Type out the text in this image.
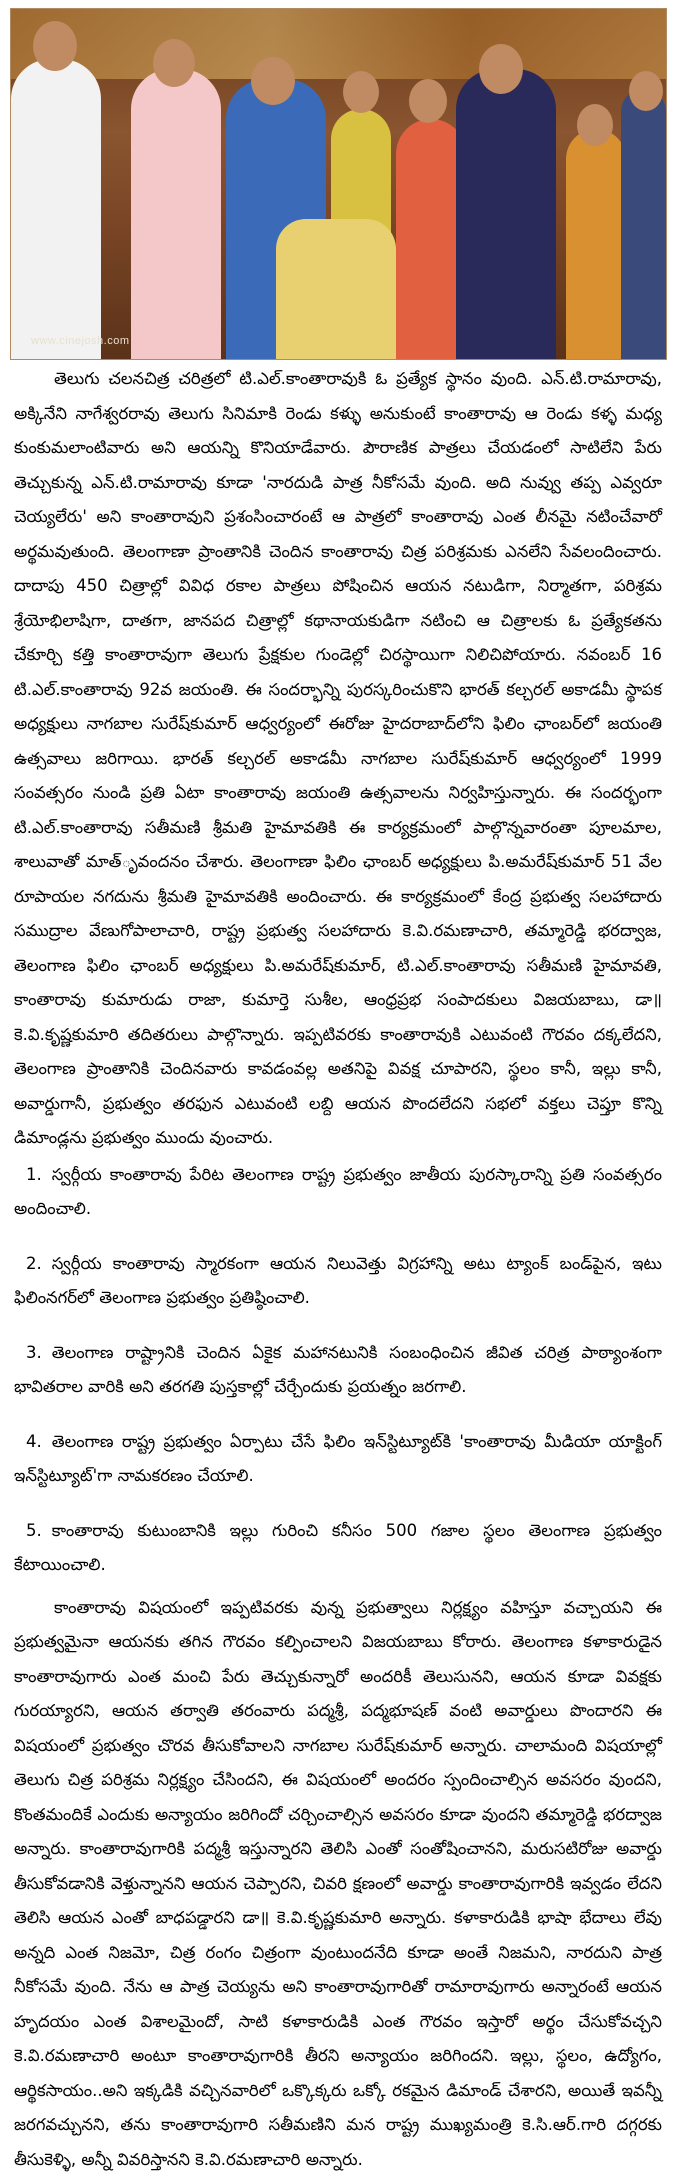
www.cinejosh.com

తెలుగు చలనచిత్ర చరిత్రలో టి.ఎల్.కాంతారావుకి ఓ ప్రత్యేక స్థానం వుంది. ఎన్.టి.రామారావు, అక్కినేని నాగేశ్వరరావు తెలుగు సినిమాకి రెండు కళ్ళు అనుకుంటే కాంతారావు ఆ రెండు కళ్ళ మధ్య కుంకుమలాంటివారు అని ఆయన్ని కొనియాడేవారు. పౌరాణిక పాత్రలు చేయడంలో సాటిలేని పేరు తెచ్చుకున్న ఎన్.టి.రామారావు కూడా 'నారదుడి పాత్ర నీకోసమే వుంది. అది నువ్వు తప్ప ఎవ్వరూ చెయ్యలేరు' అని కాంతారావుని ప్రశంసించారంటే ఆ పాత్రలో కాంతారావు ఎంత లీనమై నటించేవారో అర్థమవుతుంది. తెలంగాణా ప్రాంతానికి చెందిన కాంతారావు చిత్ర పరిశ్రమకు ఎనలేని సేవలందించారు. దాదాపు 450 చిత్రాల్లో వివిధ రకాల పాత్రలు పోషించిన ఆయన నటుడిగా, నిర్మాతగా, పరిశ్రమ శ్రేయోభిలాషిగా, దాతగా, జానపద చిత్రాల్లో కథానాయకుడిగా నటించి ఆ చిత్రాలకు ఓ ప్రత్యేకతను చేకూర్చి కత్తి కాంతారావుగా తెలుగు ప్రేక్షకుల గుండెల్లో చిరస్థాయిగా నిలిచిపోయారు. నవంబర్ 16 టి.ఎల్.కాంతారావు 92వ జయంతి. ఈ సందర్భాన్ని పురస్కరించుకొని భారత్ కల్చరల్ అకాడమీ స్థాపక అధ్యక్షులు నాగబాల సురేష్‌కుమార్ ఆధ్వర్యంలో ఈరోజు హైదరాబాద్‌లోని ఫిలిం ఛాంబర్‌లో జయంతి ఉత్సవాలు జరిగాయి. భారత్ కల్చరల్ అకాడమీ నాగబాల సురేష్‌కుమార్ ఆధ్వర్యంలో 1999 సంవత్సరం నుండి ప్రతి ఏటా కాంతారావు జయంతి ఉత్సవాలను నిర్వహిస్తున్నారు. ఈ సందర్భంగా టి.ఎల్.కాంతారావు సతీమణి శ్రీమతి హైమావతికి ఈ కార్యక్రమంలో పాల్గొన్నవారంతా పూలమాల, శాలువాతో మాత్ృవందనం చేశారు. తెలంగాణా ఫిలిం ఛాంబర్ అధ్యక్షులు పి.అమరేష్‌కుమార్ 51 వేల రూపాయల నగదును శ్రీమతి హైమావతికి అందించారు. ఈ కార్యక్రమంలో కేంద్ర ప్రభుత్వ సలహాదారు సముద్రాల వేణుగోపాలాచారి, రాష్ట్ర ప్రభుత్వ సలహాదారు కె.వి.రమణాచారి, తమ్మారెడ్డి భరద్వాజ, తెలంగాణ ఫిలిం ఛాంబర్ అధ్యక్షులు పి.అమరేష్‌కుమార్, టి.ఎల్.కాంతారావు సతీమణి హైమావతి, కాంతారావు కుమారుడు రాజా, కుమార్తె సుశీల, ఆంధ్రప్రభ సంపాదకులు విజయబాబు, డా॥ కె.వి.కృష్ణకుమారి తదితరులు పాల్గొన్నారు. ఇప్పటివరకు కాంతారావుకి ఎటువంటి గౌరవం దక్కలేదని, తెలంగాణ ప్రాంతానికి చెందినవారు కావడంవల్ల అతనిపై వివక్ష చూపారని, స్థలం కానీ, ఇల్లు కానీ, అవార్డుగానీ, ప్రభుత్వం తరఫున ఎటువంటి లబ్ది ఆయన పొందలేదని సభలో వక్తలు చెప్తూ కొన్ని డిమాండ్లను ప్రభుత్వం ముందు వుంచారు.

1. స్వర్గీయ కాంతారావు పేరిట తెలంగాణ రాష్ట్ర ప్రభుత్వం జాతీయ పురస్కారాన్ని ప్రతి సంవత్సరం అందించాలి.
2. స్వర్గీయ కాంతారావు స్మారకంగా ఆయన నిలువెత్తు విగ్రహాన్ని అటు ట్యాంక్ బండ్‌పైన, ఇటు ఫిలింనగర్‌లో తెలంగాణ ప్రభుత్వం ప్రతిష్ఠించాలి.
3. తెలంగాణ రాష్ట్రానికి చెందిన ఏకైక మహానటునికి సంబంధించిన జీవిత చరిత్ర పాఠ్యాంశంగా భావితరాల వారికి అని తరగతి పుస్తకాల్లో చేర్చేందుకు ప్రయత్నం జరగాలి.
4. తెలంగాణ రాష్ట్ర ప్రభుత్వం ఏర్పాటు చేసే ఫిలిం ఇన్‌స్టిట్యూట్‌కి 'కాంతారావు మీడియా యాక్టింగ్ ఇన్‌స్టిట్యూట్'గా నామకరణం చేయాలి.
5. కాంతారావు కుటుంబానికి ఇల్లు గురించి కనీసం 500 గజాల స్థలం తెలంగాణ ప్రభుత్వం కేటాయించాలి.

కాంతారావు విషయంలో ఇప్పటివరకు వున్న ప్రభుత్వాలు నిర్లక్ష్యం వహిస్తూ వచ్చాయని ఈ ప్రభుత్వమైనా ఆయనకు తగిన గౌరవం కల్పించాలని విజయబాబు కోరారు. తెలంగాణ కళాకారుడైన కాంతారావుగారు ఎంత మంచి పేరు తెచ్చుకున్నారో అందరికీ తెలుసునని, ఆయన కూడా వివక్షకు గురయ్యారని, ఆయన తర్వాతి తరంవారు పద్మశ్రీ, పద్మభూషణ్ వంటి అవార్డులు పొందారని ఈ విషయంలో ప్రభుత్వం చొరవ తీసుకోవాలని నాగబాల సురేష్‌కుమార్ అన్నారు. చాలామంది విషయాల్లో తెలుగు చిత్ర పరిశ్రమ నిర్లక్ష్యం చేసిందని, ఈ విషయంలో అందరం స్పందించాల్సిన అవసరం వుందని, కొంతమందికే ఎందుకు అన్యాయం జరిగిందో చర్చించాల్సిన అవసరం కూడా వుందని తమ్మారెడ్డి భరద్వాజ అన్నారు. కాంతారావుగారికి పద్మశ్రీ ఇస్తున్నారని తెలిసి ఎంతో సంతోషించానని, మరుసటిరోజు అవార్డు తీసుకోవడానికి వెళ్తున్నానని ఆయన చెప్పారని, చివరి క్షణంలో అవార్డు కాంతారావుగారికి ఇవ్వడం లేదని తెలిసి ఆయన ఎంతో బాధపడ్డారని డా॥ కె.వి.కృష్ణకుమారి అన్నారు. కళాకారుడికి భాషా భేదాలు లేవు అన్నది ఎంత నిజమో, చిత్ర రంగం చిత్రంగా వుంటుందనేది కూడా అంతే నిజమని, నారదుని పాత్ర నీకోసమే వుంది. నేను ఆ పాత్ర చెయ్యను అని కాంతారావుగారితో రామారావుగారు అన్నారంటే ఆయన హృదయం ఎంత విశాలమైందో, సాటి కళాకారుడికి ఎంత గౌరవం ఇస్తారో అర్థం చేసుకోవచ్చని కె.వి.రమణాచారి అంటూ కాంతారావుగారికి తీరని అన్యాయం జరిగిందని. ఇల్లు, స్థలం, ఉద్యోగం, ఆర్థికసాయం..అని ఇక్కడికి వచ్చినవారిలో ఒక్కొక్కరు ఒక్కో రకమైన డిమాండ్ చేశారని, అయితే ఇవన్నీ జరగవచ్చునని, తను కాంతారావుగారి సతీమణిని మన రాష్ట్ర ముఖ్యమంత్రి కె.సి.ఆర్.గారి దగ్గరకు తీసుకెళ్ళి, అన్నీ వివరిస్తానని కె.వి.రమణాచారి అన్నారు.
